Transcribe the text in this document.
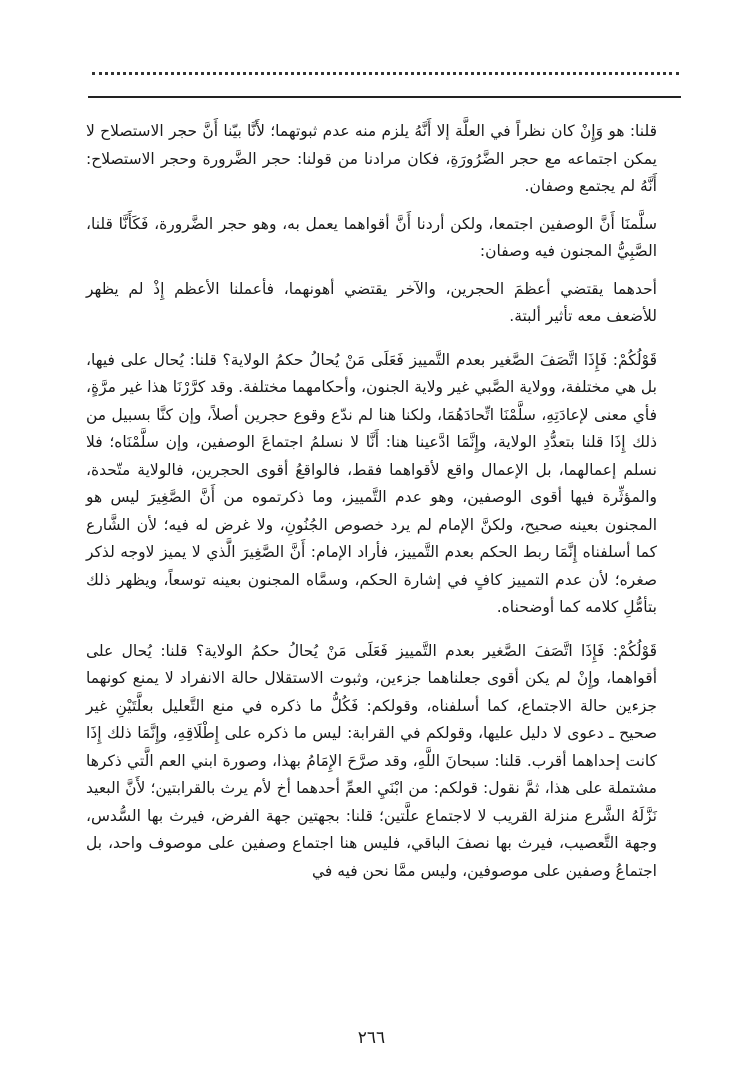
قلنا: هو وَإِنْ كان نظراً في العلَّة إلا أَنَّهُ يلزم منه عدم ثبوتهما؛ لأَنَّا بيّنا أَنَّ حجر الاستصلاح لا يمكن اجتماعه مع حجر الضَّرُورَةِ، فكان مرادنا من قولنا: حجر الضَّرورة وحجر الاستصلاح: أَنَّهُ لم يجتمع وصفان.

سلَّمنَا أَنَّ الوصفين اجتمعا، ولكن أردنا أَنَّ أقواهما يعمل به، وهو حجر الضَّرورة، فَكَأَنَّا قلنا، الصَّبِيُّ المجنون فيه وصفان:

أحدهما يقتضي أعظمَ الحجرين، والآخر يقتضي أهونهما، فأعملنا الأعظم إِذْ لم يظهر للأضعف معه تأثير ألبتة.

قَوْلُكُمْ: فَإِذَا اتَّصَفَ الصَّغير بعدم التَّمييز فَعَلَى مَنْ يُحالُ حكمُ الولاية؟ قلنا: يُحال على فيها، بل هي مختلفة، وولاية الصَّبي غير ولاية الجنون، وأحكامهما مختلفة. وقد كرَّرْنَا هذا غير مرَّةٍ، فأي معنى لإعادَتِهِ، سلَّمْنَا اتِّحادَهُمَا، ولكنا هنا لم ندّع وقوع حجرين أصلاً، وإن كنَّا بسبيل من ذلك إِذَا قلنا بتعدُّدِ الولاية، وإِنَّمَا ادَّعينا هنا: أَنَّا لا نسلمُ اجتماعَ الوصفين، وإن سلَّمْنَاه؛ فلا نسلم إعمالهما، بل الإعمال واقع لأقواهما فقط، فالواقعُ أقوى الحجرين، فالولاية متّحدة، والمؤثِّرة فيها أقوى الوصفين، وهو عدم التَّمييز، وما ذكرتموه من أَنَّ الصَّغِيرَ ليس هو المجنون بعينه صحيح، ولكنَّ الإمام لم يرد خصوص الجُنُونِ، ولا غرض له فيه؛ لأن الشَّارع كما أسلفناه إِنَّمَا ربط الحكم بعدم التَّمييز، فأراد الإمام: أَنَّ الصَّغِيرَ الَّذي لا يميز لاوجه لذكر صغره؛ لأن عدم التمييز كافٍ في إشارة الحكم، وسمَّاه المجنون بعينه توسعاً، ويظهر ذلك بتأمُّلِ كلامه كما أوضحناه.

قَوْلُكُمْ: فَإِذَا اتَّصَفَ الصَّغير بعدم التَّمييز فَعَلَى مَنْ يُحالُ حكمُ الولاية؟ قلنا: يُحال على أقواهما، وإِنْ لم يكن أقوى جعلناهما جزءين، وثبوت الاستقلال حالة الانفراد لا يمنع كونهما جزءين حالة الاجتماع، كما أسلفناه، وقولكم: فَكُلُّ ما ذكره في منع التَّعليل بعلَّتَيْنِ غير صحيح ـ دعوى لا دليل عليها، وقولكم في القرابة: ليس ما ذكره على إِطْلَاقِهِ، وإِنَّمَا ذلك إِذَا كانت إحداهما أقرب. قلنا: سبحانَ اللَّهِ، وقد صرَّحَ الإِمَامُ بهذا، وصورة ابني العم الَّتي ذكرها مشتملة على هذا، ثمَّ نقول: قولكم: من ابْنَيِ العمِّ أحدهما أخ لأم يرث بالقرابتين؛ لأَنَّ البعيد نَزَّلَهُ الشَّرع منزلة القريب لا لاجتماع علَّتين؛ قلنا: بجهتين جهة الفرض، فيرث بها السُّدس، وجهة التَّعصيب، فيرث بها نصفَ الباقي، فليس هنا اجتماع وصفين على موصوف واحد، بل اجتماعُ وصفين على موصوفين، وليس ممَّا نحن فيه في

٢٦٦
